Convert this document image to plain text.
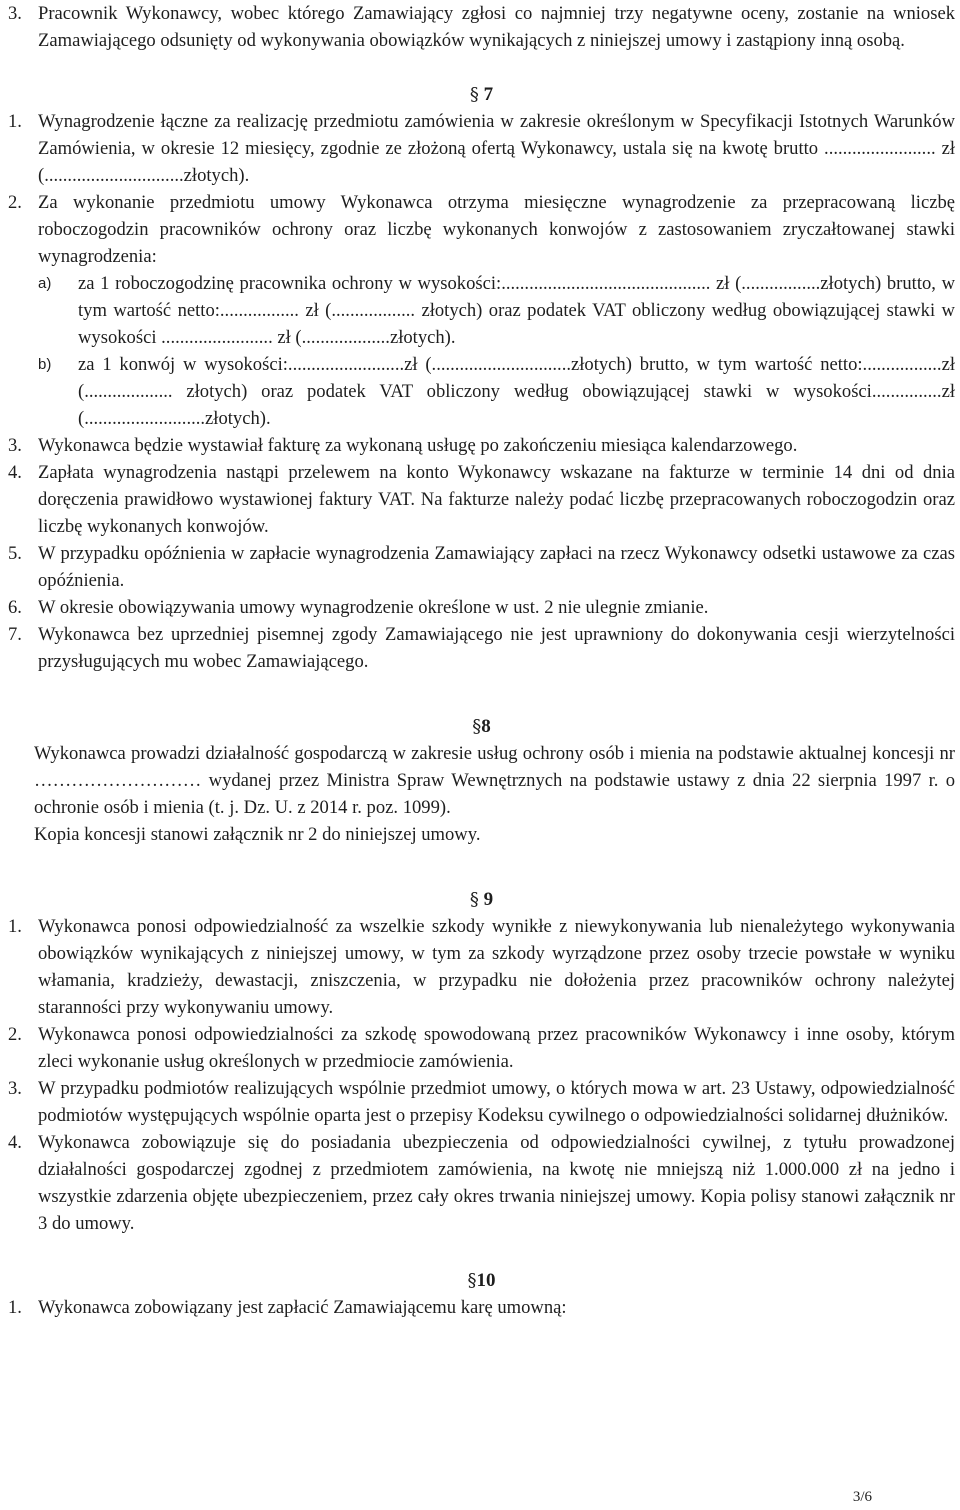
3. Pracownik Wykonawcy, wobec którego Zamawiający zgłosi co najmniej trzy negatywne oceny, zostanie na wniosek Zamawiającego odsunięty od wykonywania obowiązków wynikających z niniejszej umowy i zastąpiony inną osobą.
§ 7
1. Wynagrodzenie łączne za realizację przedmiotu zamówienia w zakresie określonym w Specyfikacji Istotnych Warunków Zamówienia, w okresie 12 miesięcy, zgodnie ze złożoną ofertą Wykonawcy, ustala się na kwotę brutto ........................ zł (..............................złotych).
2. Za wykonanie przedmiotu umowy Wykonawca otrzyma miesięczne wynagrodzenie za przepracowaną liczbę roboczogodzin pracowników ochrony oraz liczbę wykonanych konwojów z zastosowaniem zryczałtowanej stawki wynagrodzenia:
a)	za 1 roboczogodzinę pracownika ochrony w wysokości:............................................. zł (.................złotych) brutto, w tym wartość netto:................. zł (.................. złotych) oraz podatek VAT obliczony według obowiązującej stawki w wysokości ........................ zł (...................złotych).
b)	za 1 konwój w wysokości:.........................zł (..............................złotych) brutto, w tym wartość netto:.................zł (................... złotych) oraz podatek VAT obliczony według obowiązującej stawki w wysokości...............zł (..........................złotych).
3. Wykonawca będzie wystawiał fakturę za wykonaną usługę po zakończeniu miesiąca kalendarzowego.
4. Zapłata wynagrodzenia nastąpi przelewem na konto Wykonawcy wskazane na fakturze w terminie 14 dni od dnia doręczenia prawidłowo wystawionej faktury VAT. Na fakturze należy podać liczbę przepracowanych roboczogodzin oraz liczbę wykonanych konwojów.
5. W przypadku opóźnienia w zapłacie wynagrodzenia Zamawiający zapłaci na rzecz Wykonawcy odsetki ustawowe za czas opóźnienia.
6. W okresie obowiązywania umowy wynagrodzenie określone w ust. 2 nie ulegnie zmianie.
7. Wykonawca bez uprzedniej pisemnej zgody Zamawiającego nie jest uprawniony do dokonywania cesji wierzytelności przysługujących mu wobec Zamawiającego.
§8

Wykonawca prowadzi działalność gospodarczą w zakresie usług ochrony osób i mienia na podstawie aktualnej koncesji nr ……………………… wydanej przez Ministra Spraw Wewnętrznych na podstawie ustawy z dnia 22 sierpnia 1997 r. o ochronie osób i mienia (t. j. Dz. U. z 2014 r. poz. 1099).

Kopia koncesji stanowi załącznik nr 2 do niniejszej umowy.

§ 9
1. Wykonawca ponosi odpowiedzialność za wszelkie szkody wynikłe z niewykonywania lub nienależytego wykonywania obowiązków wynikających z niniejszej umowy, w tym za szkody wyrządzone przez osoby trzecie powstałe w wyniku włamania, kradzieży, dewastacji, zniszczenia, w przypadku nie dołożenia przez pracowników ochrony należytej staranności przy wykonywaniu umowy.
2. Wykonawca ponosi odpowiedzialności za szkodę spowodowaną przez pracowników Wykonawcy i inne osoby, którym zleci wykonanie usług określonych w przedmiocie zamówienia.
3. W przypadku podmiotów realizujących wspólnie przedmiot umowy, o których mowa w art. 23 Ustawy, odpowiedzialność podmiotów występujących wspólnie oparta jest o przepisy Kodeksu cywilnego o odpowiedzialności solidarnej dłużników.
4. Wykonawca zobowiązuje się do posiadania ubezpieczenia od odpowiedzialności cywilnej, z tytułu prowadzonej działalności gospodarczej zgodnej z przedmiotem zamówienia, na kwotę nie mniejszą niż 1.000.000 zł na jedno i wszystkie zdarzenia objęte ubezpieczeniem, przez cały okres trwania niniejszej umowy. Kopia polisy stanowi załącznik nr 3 do umowy.
§10
1. Wykonawca zobowiązany jest zapłacić Zamawiającemu karę umowną:
3/6
